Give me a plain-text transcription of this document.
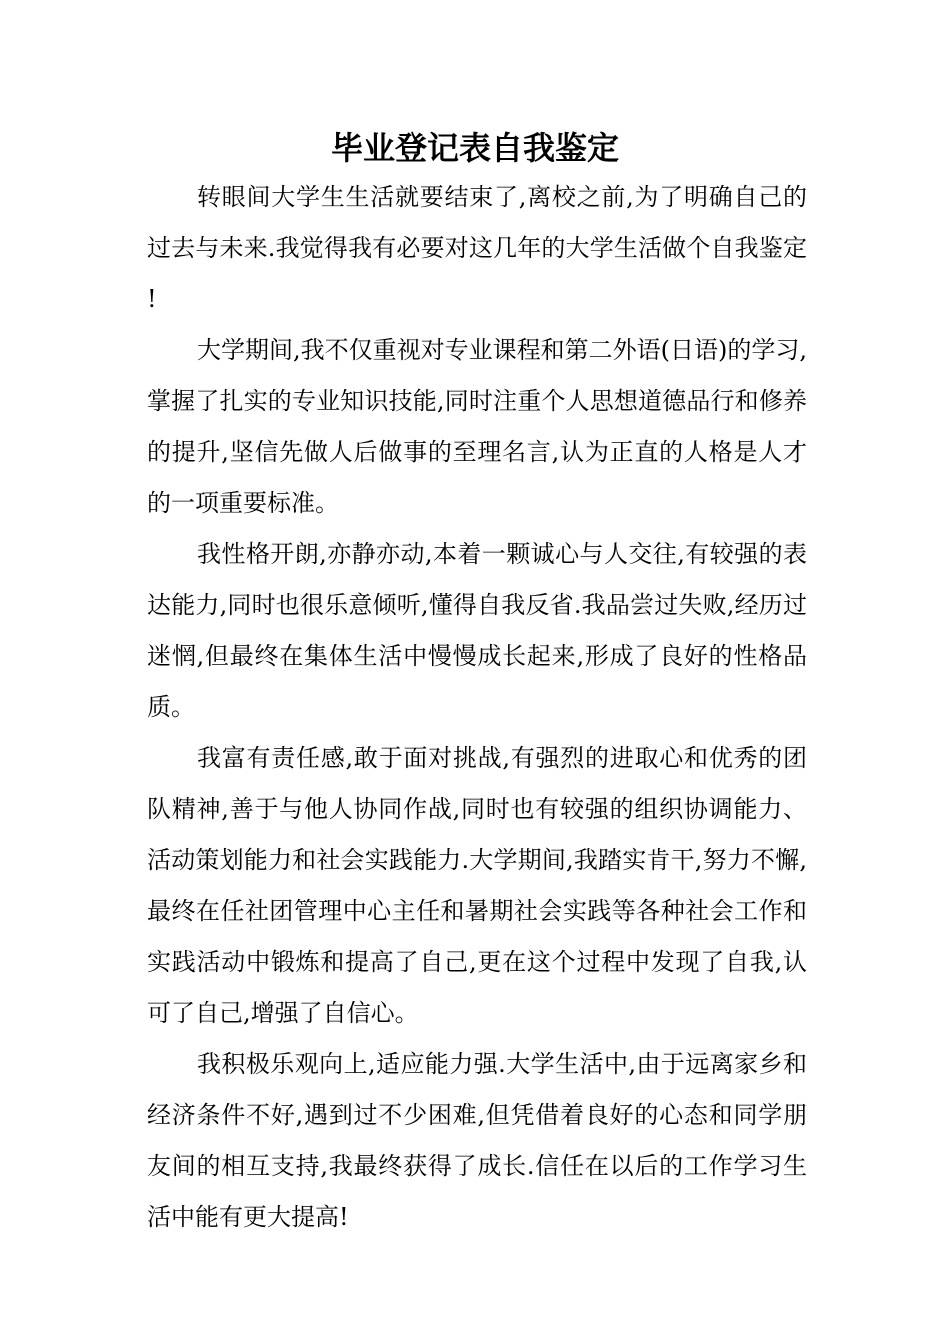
毕业登记表自我鉴定

转眼间大学生生活就要结束了,离校之前,为了明确自己的过去与未来.我觉得我有必要对这几年的大学生活做个自我鉴定!

大学期间,我不仅重视对专业课程和第二外语(日语)的学习,掌握了扎实的专业知识技能,同时注重个人思想道德品行和修养的提升,坚信先做人后做事的至理名言,认为正直的人格是人才的一项重要标准。

我性格开朗,亦静亦动,本着一颗诚心与人交往,有较强的表达能力,同时也很乐意倾听,懂得自我反省.我品尝过失败,经历过迷惘,但最终在集体生活中慢慢成长起来,形成了良好的性格品质。

我富有责任感,敢于面对挑战,有强烈的进取心和优秀的团队精神,善于与他人协同作战,同时也有较强的组织协调能力、活动策划能力和社会实践能力.大学期间,我踏实肯干,努力不懈,最终在任社团管理中心主任和暑期社会实践等各种社会工作和实践活动中锻炼和提高了自己,更在这个过程中发现了自我,认可了自己,增强了自信心。

我积极乐观向上,适应能力强.大学生活中,由于远离家乡和经济条件不好,遇到过不少困难,但凭借着良好的心态和同学朋友间的相互支持,我最终获得了成长.信任在以后的工作学习生活中能有更大提高!
